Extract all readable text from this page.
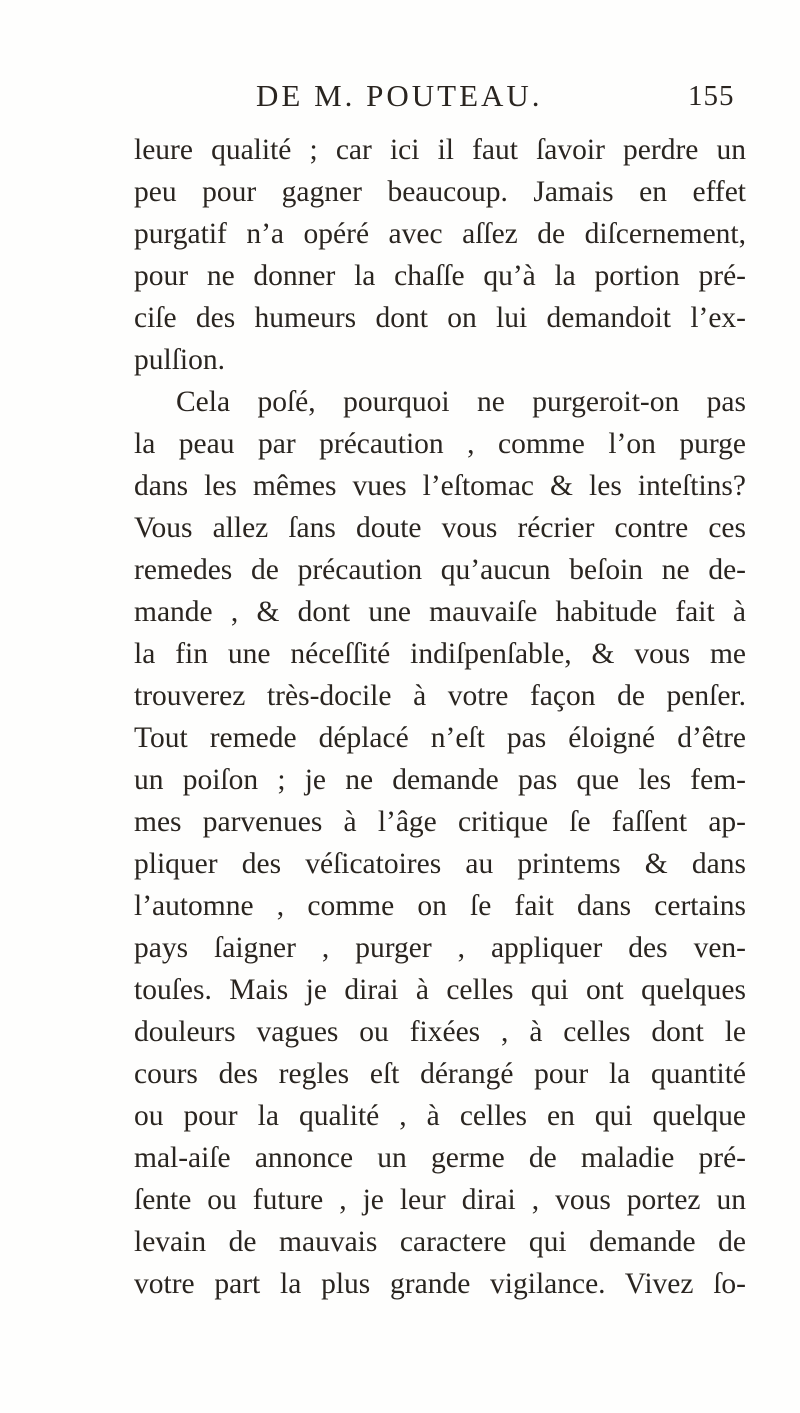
DE M. POUTEAU.	155
leure qualité ; car ici il faut ſavoir perdre un
peu pour gagner beaucoup. Jamais en effet
purgatif n’a opéré avec aſſez de diſcernement,
pour ne donner la chaſſe qu’à la portion pré-
ciſe des humeurs dont on lui demandoit l’ex-
pulſion.
Cela poſé, pourquoi ne purgeroit-on pas
la peau par précaution , comme l’on purge
dans les mêmes vues l’eſtomac & les inteſtins?
Vous allez ſans doute vous récrier contre ces
remedes de précaution qu’aucun beſoin ne de-
mande , & dont une mauvaiſe habitude fait à
la fin une néceſſité indiſpenſable, & vous me
trouverez très-docile à votre façon de penſer.
Tout remede déplacé n’eſt pas éloigné d’être
un poiſon ; je ne demande pas que les fem-
mes parvenues à l’âge critique ſe faſſent ap-
pliquer des véſicatoires au printems & dans
l’automne , comme on ſe fait dans certains
pays ſaigner , purger , appliquer des ven-
touſes. Mais je dirai à celles qui ont quelques
douleurs vagues ou fixées , à celles dont le
cours des regles eſt dérangé pour la quantité
ou pour la qualité , à celles en qui quelque
mal-aiſe annonce un germe de maladie pré-
ſente ou future , je leur dirai , vous portez un
levain de mauvais caractere qui demande de
votre part la plus grande vigilance. Vivez ſo-
